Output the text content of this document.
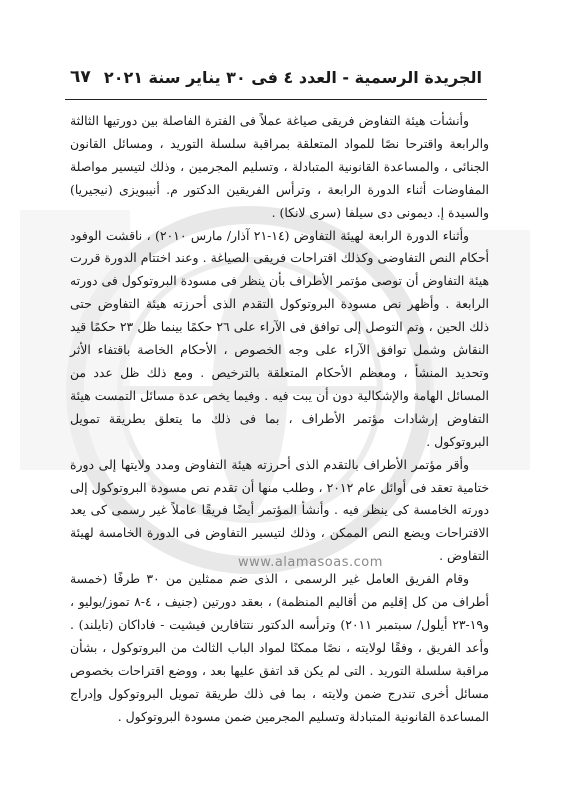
www.alamasoas.com
الجريدة الرسمية - العدد ٤ فى ٣٠ يناير سنة ٢٠٢١
٦٧

وأنشأت هيئة التفاوض فريقى صياغة عملاً فى الفترة الفاصلة بين دورتيها الثالثة والرابعة واقترحا نصًا للمواد المتعلقة بمراقبة سلسلة التوريد ، ومسائل القانون الجنائى ، والمساعدة القانونية المتبادلة ، وتسليم المجرمين ، وذلك لتيسير مواصلة المفاوضات أثناء الدورة الرابعة ، وترأس الفريقين الدكتور م. أنيبويزى (نيجيريا) والسيدة إ. ديمونى دى سيلفا (سرى لانكا) .

وأثناء الدورة الرابعة لهيئة التفاوض (١٤-٢١ آذار/ مارس ٢٠١٠) ، ناقشت الوفود أحكام النص التفاوضى وكذلك اقتراحات فريقى الصياغة . وعند اختتام الدورة قررت هيئة التفاوض أن توصى مؤتمر الأطراف بأن ينظر فى مسودة البروتوكول فى دورته الرابعة . وأظهر نص مسودة البروتوكول التقدم الذى أحرزته هيئة التفاوض حتى ذلك الحين ، وتم التوصل إلى توافق فى الآراء على ٢٦ حكمًا بينما ظل ٢٣ حكمًا قيد النقاش وشمل توافق الآراء على وجه الخصوص ، الأحكام الخاصة باقتفاء الأثر وتحديد المنشأ ، ومعظم الأحكام المتعلقة بالترخيص . ومع ذلك ظل عدد من المسائل الهامة والإشكالية دون أن يبت فيه . وفيما يخص عدة مسائل التمست هيئة التفاوض إرشادات مؤتمر الأطراف ، بما فى ذلك ما يتعلق بطريقة تمويل البروتوكول .

وأقر مؤتمر الأطراف بالتقدم الذى أحرزته هيئة التفاوض ومدد ولايتها إلى دورة ختامية تعقد فى أوائل عام ٢٠١٢ ، وطلب منها أن تقدم نص مسودة البروتوكول إلى دورته الخامسة كى ينظر فيه . وأنشأ المؤتمر أيضًا فريقًا عاملاً غير رسمى كى يعد الاقتراحات ويضع النص الممكن ، وذلك لتيسير التفاوض فى الدورة الخامسة لهيئة التفاوض .

وقام الفريق العامل غير الرسمى ، الذى ضم ممثلين من ٣٠ طرفًا (خمسة أطراف من كل إقليم من أقاليم المنظمة) ، بعقد دورتين (جنيف ، ٤-٨ تموز/يوليو ، و١٩-٢٣ أيلول/ سبتمبر ٢٠١١) وترأسه الدكتور نتتافارين فيشيت - فاداكان (تايلند) . وأعد الفريق ، وفقًا لولايته ، نصًا ممكنًا لمواد الباب الثالث من البروتوكول ، بشأن مراقبة سلسلة التوريد . التى لم يكن قد اتفق عليها بعد ، ووضع اقتراحات بخصوص مسائل أخرى تندرج ضمن ولايته ، بما فى ذلك طريقة تمويل البروتوكول وإدراج المساعدة القانونية المتبادلة وتسليم المجرمين ضمن مسودة البروتوكول .
